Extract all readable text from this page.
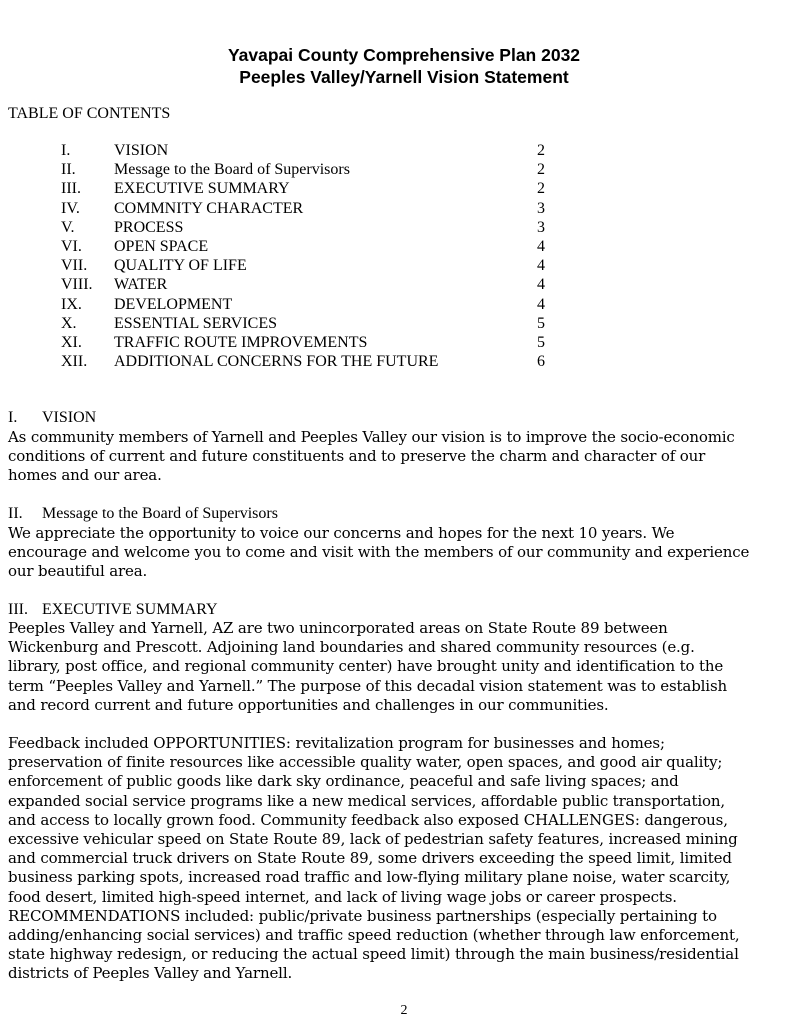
Yavapai County Comprehensive Plan 2032
Peeples Valley/Yarnell Vision Statement
TABLE OF CONTENTS
I.	VISION	2
II. Message to the Board of Supervisors	2
III. EXECUTIVE SUMMARY	2
IV. COMMNITY CHARACTER	3
V. PROCESS	3
VI. OPEN SPACE	4
VII. QUALITY OF LIFE	4
VIII. WATER	4
IX. DEVELOPMENT	4
X. ESSENTIAL SERVICES	5
XI. TRAFFIC ROUTE IMPROVEMENTS	5
XII. ADDITIONAL CONCERNS FOR THE FUTURE	6
I. VISION
As community members of Yarnell and Peeples Valley our vision is to improve the socio-economic
conditions of current and future constituents and to preserve the charm and character of our
homes and our area.
II. Message to the Board of Supervisors
We appreciate the opportunity to voice our concerns and hopes for the next 10 years. We
encourage and welcome you to come and visit with the members of our community and experience
our beautiful area.
III. EXECUTIVE SUMMARY
Peeples Valley and Yarnell, AZ are two unincorporated areas on State Route 89 between
Wickenburg and Prescott. Adjoining land boundaries and shared community resources (e.g.
library, post office, and regional community center) have brought unity and identification to the
term “Peeples Valley and Yarnell.” The purpose of this decadal vision statement was to establish
and record current and future opportunities and challenges in our communities.
Feedback included OPPORTUNITIES: revitalization program for businesses and homes;
preservation of finite resources like accessible quality water, open spaces, and good air quality;
enforcement of public goods like dark sky ordinance, peaceful and safe living spaces; and
expanded social service programs like a new medical services, affordable public transportation,
and access to locally grown food. Community feedback also exposed CHALLENGES: dangerous,
excessive vehicular speed on State Route 89, lack of pedestrian safety features, increased mining
and commercial truck drivers on State Route 89, some drivers exceeding the speed limit, limited
business parking spots, increased road traffic and low-flying military plane noise, water scarcity,
food desert, limited high-speed internet, and lack of living wage jobs or career prospects.
RECOMMENDATIONS included: public/private business partnerships (especially pertaining to
adding/enhancing social services) and traffic speed reduction (whether through law enforcement,
state highway redesign, or reducing the actual speed limit) through the main business/residential
districts of Peeples Valley and Yarnell.
2
